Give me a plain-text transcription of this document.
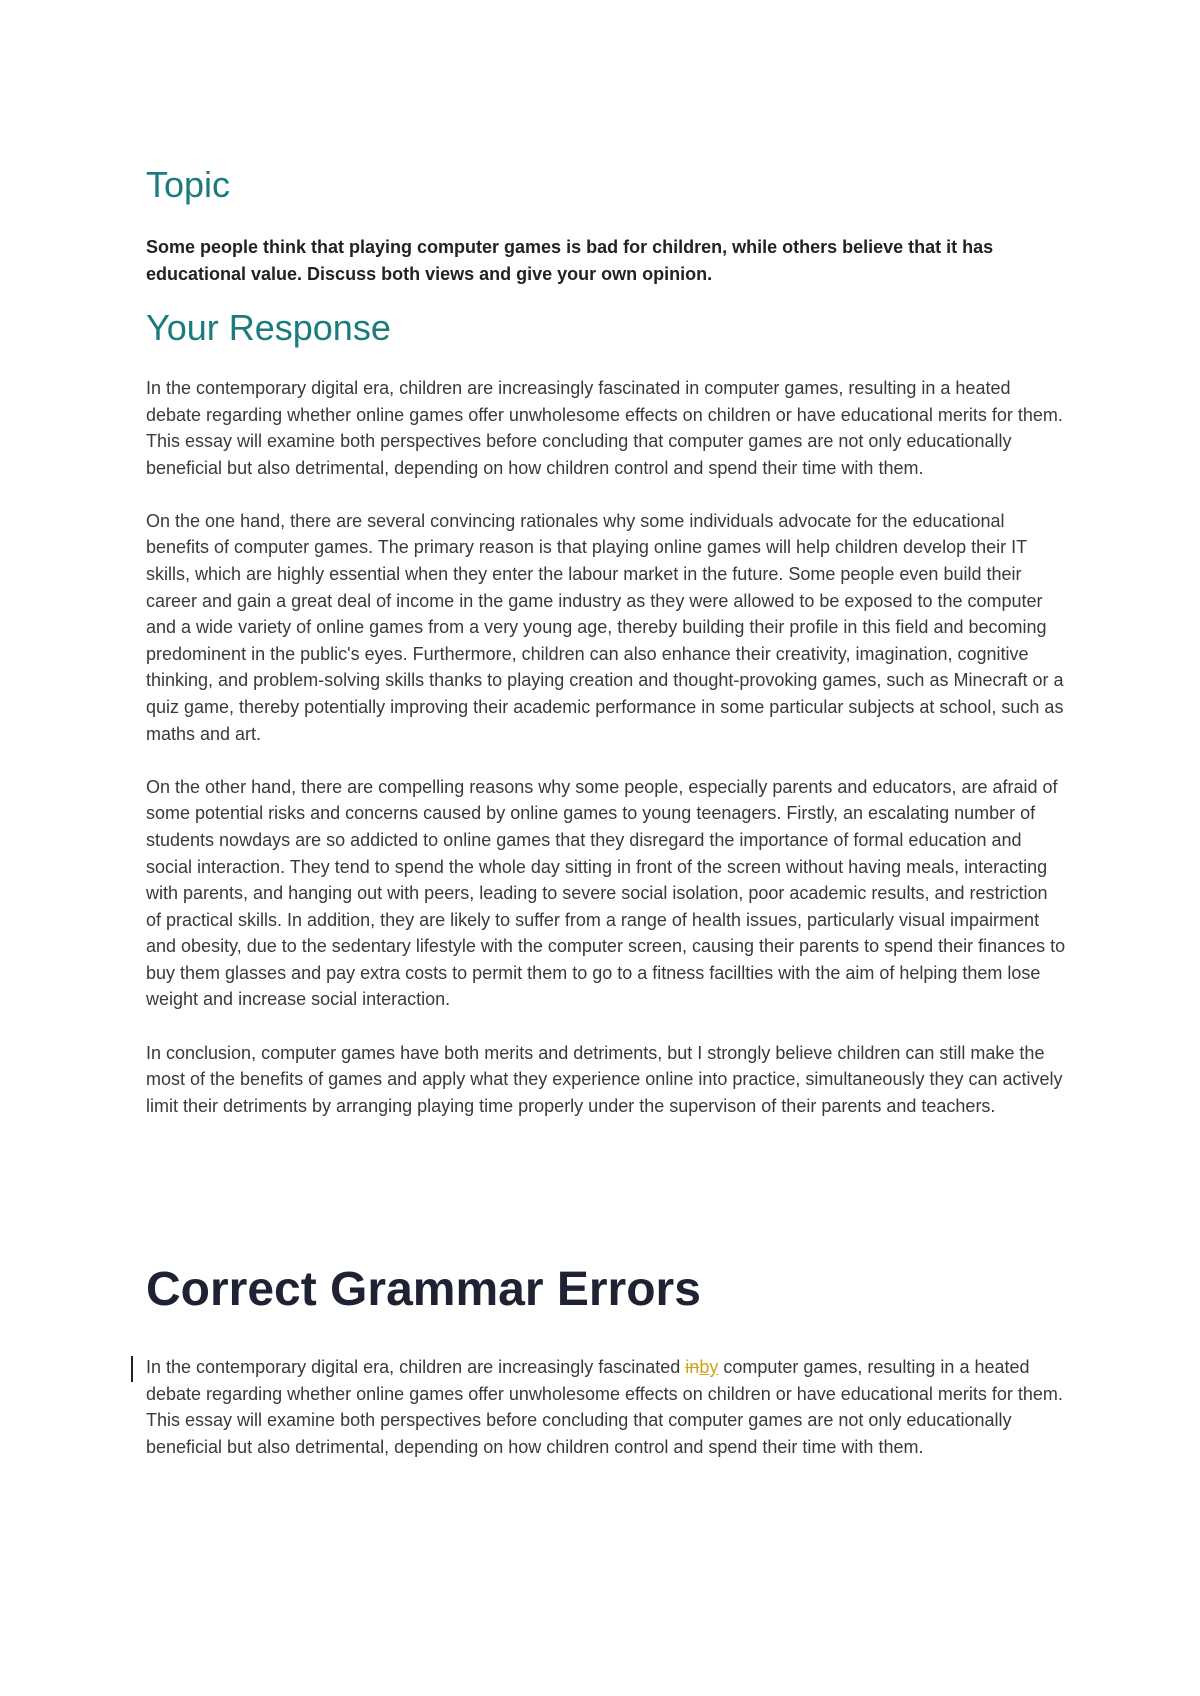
Topic

Some people think that playing computer games is bad for children, while others believe that it has educational value. Discuss both views and give your own opinion.

Your Response

In the contemporary digital era, children are increasingly fascinated in computer games, resulting in a heated debate regarding whether online games offer unwholesome effects on children or have educational merits for them. This essay will examine both perspectives before concluding that computer games are not only educationally beneficial but also detrimental, depending on how children control and spend their time with them.

On the one hand, there are several convincing rationales why some individuals advocate for the educational benefits of computer games. The primary reason is that playing online games will help children develop their IT skills, which are highly essential when they enter the labour market in the future. Some people even build their career and gain a great deal of income in the game industry as they were allowed to be exposed to the computer and a wide variety of online games from a very young age, thereby building their profile in this field and becoming predominent in the public's eyes. Furthermore, children can also enhance their creativity, imagination, cognitive thinking, and problem-solving skills thanks to playing creation and thought-provoking games, such as Minecraft or a quiz game, thereby potentially improving their academic performance in some particular subjects at school, such as maths and art.

On the other hand, there are compelling reasons why some people, especially parents and educators, are afraid of some potential risks and concerns caused by online games to young teenagers. Firstly, an escalating number of students nowdays are so addicted to online games that they disregard the importance of formal education and social interaction. They tend to spend the whole day sitting in front of the screen without having meals, interacting with parents, and hanging out with peers, leading to severe social isolation, poor academic results, and restriction of practical skills. In addition, they are likely to suffer from a range of health issues, particularly visual impairment and obesity, due to the sedentary lifestyle with the computer screen, causing their parents to spend their finances to buy them glasses and pay extra costs to permit them to go to a fitness facillties with the aim of helping them lose weight and increase social interaction.

In conclusion, computer games have both merits and detriments, but I strongly believe children can still make the most of the benefits of games and apply what they experience online into practice, simultaneously they can actively limit their detriments by arranging playing time properly under the supervison of their parents and teachers.

Correct Grammar Errors

In the contemporary digital era, children are increasingly fascinated inby computer games, resulting in a heated debate regarding whether online games offer unwholesome effects on children or have educational merits for them. This essay will examine both perspectives before concluding that computer games are not only educationally beneficial but also detrimental, depending on how children control and spend their time with them.
